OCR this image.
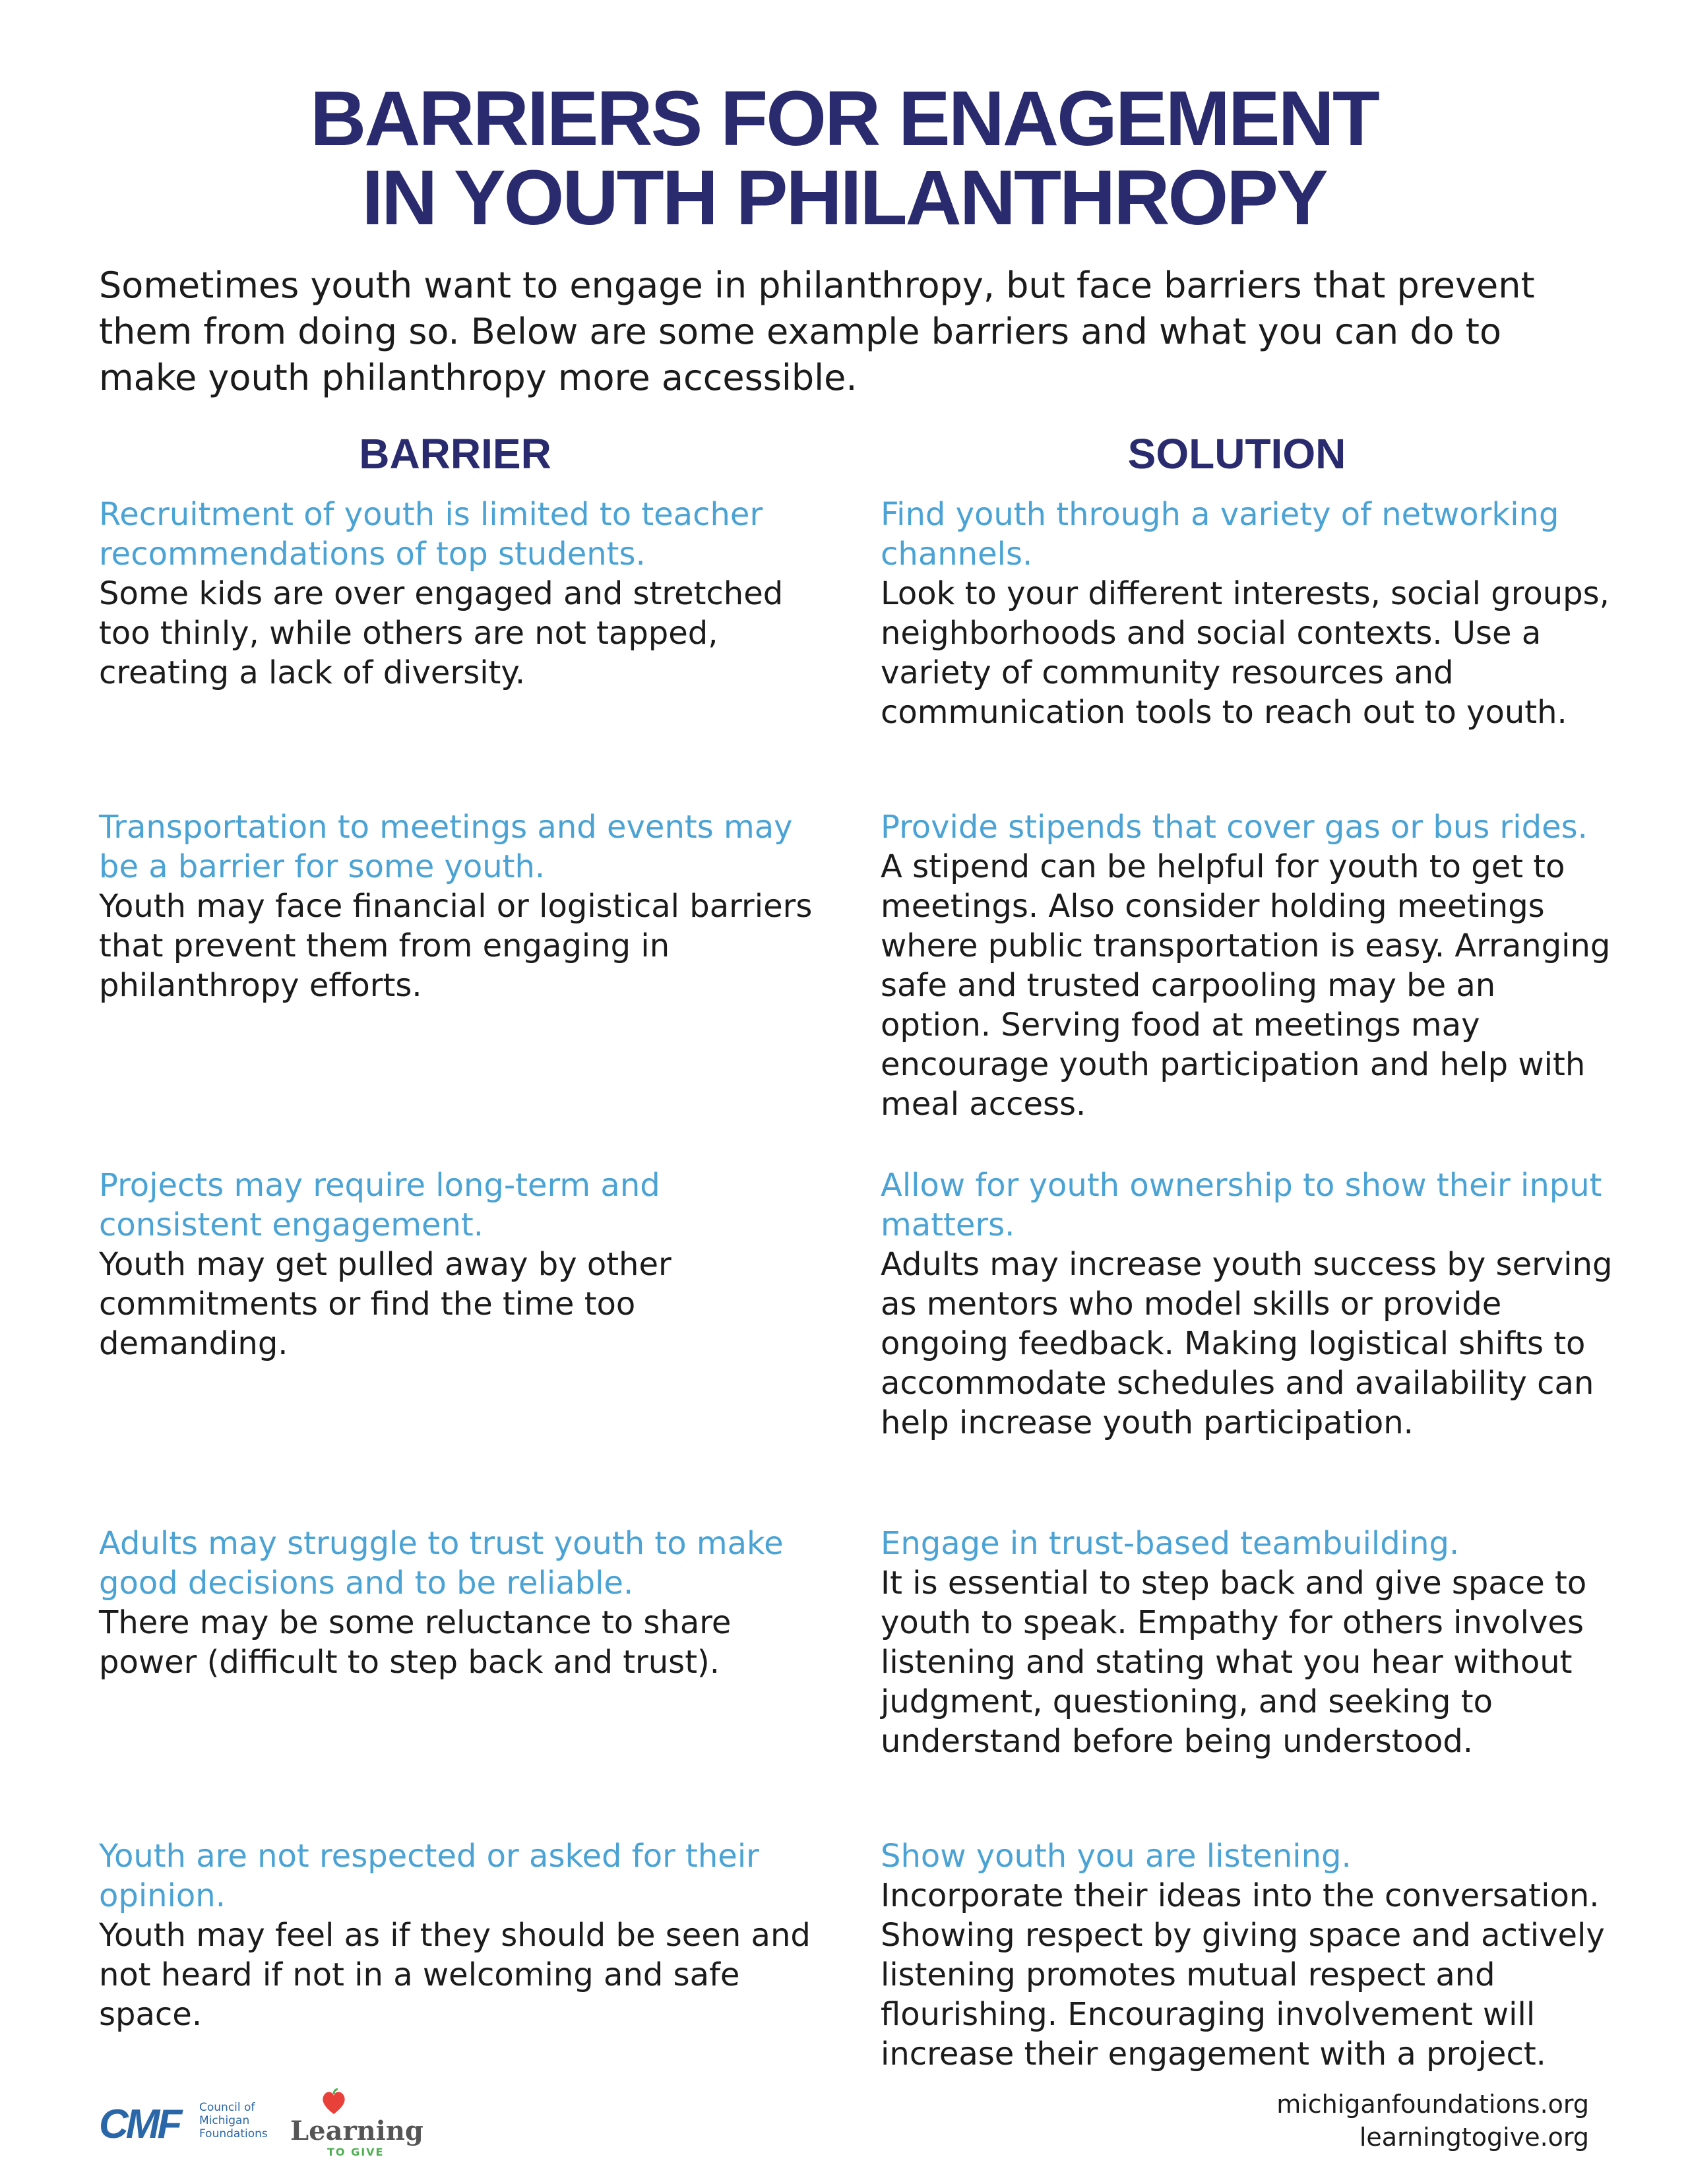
BARRIERS FOR ENAGEMENT
IN YOUTH PHILANTHROPY
Sometimes youth want to engage in philanthropy, but face barriers that prevent them from doing so. Below are some example barriers and what you can do to make youth philanthropy more accessible.
BARRIER	SOLUTION
Recruitment of youth is limited to teacher recommendations of top students.
Some kids are over engaged and stretched too thinly, while others are not tapped, creating a lack of diversity.
Find youth through a variety of networking channels.
Look to your different interests, social groups, neighborhoods and social contexts. Use a variety of community resources and communication tools to reach out to youth.
Transportation to meetings and events may be a barrier for some youth.
Youth may face financial or logistical barriers that prevent them from engaging in philanthropy efforts.
Provide stipends that cover gas or bus rides.
A stipend can be helpful for youth to get to meetings. Also consider holding meetings where public transportation is easy. Arranging safe and trusted carpooling may be an option. Serving food at meetings may encourage youth participation and help with meal access.
Projects may require long-term and consistent engagement.
Youth may get pulled away by other commitments or find the time too demanding.
Allow for youth ownership to show their input matters.
Adults may increase youth success by serving as mentors who model skills or provide ongoing feedback. Making logistical shifts to accommodate schedules and availability can help increase youth participation.
Adults may struggle to trust youth to make good decisions and to be reliable.
There may be some reluctance to share power (difficult to step back and trust).
Engage in trust-based teambuilding.
It is essential to step back and give space to youth to speak. Empathy for others involves listening and stating what you hear without judgment, questioning, and seeking to understand before being understood.
Youth are not respected or asked for their opinion.
Youth may feel as if they should be seen and not heard if not in a welcoming and safe space.
Show youth you are listening.
Incorporate their ideas into the conversation. Showing respect by giving space and actively listening promotes mutual respect and flourishing. Encouraging involvement will increase their engagement with a project.
CMF Council of
Michigan
Foundations Learning
TO GIVE
michiganfoundations.org
learningtogive.org
